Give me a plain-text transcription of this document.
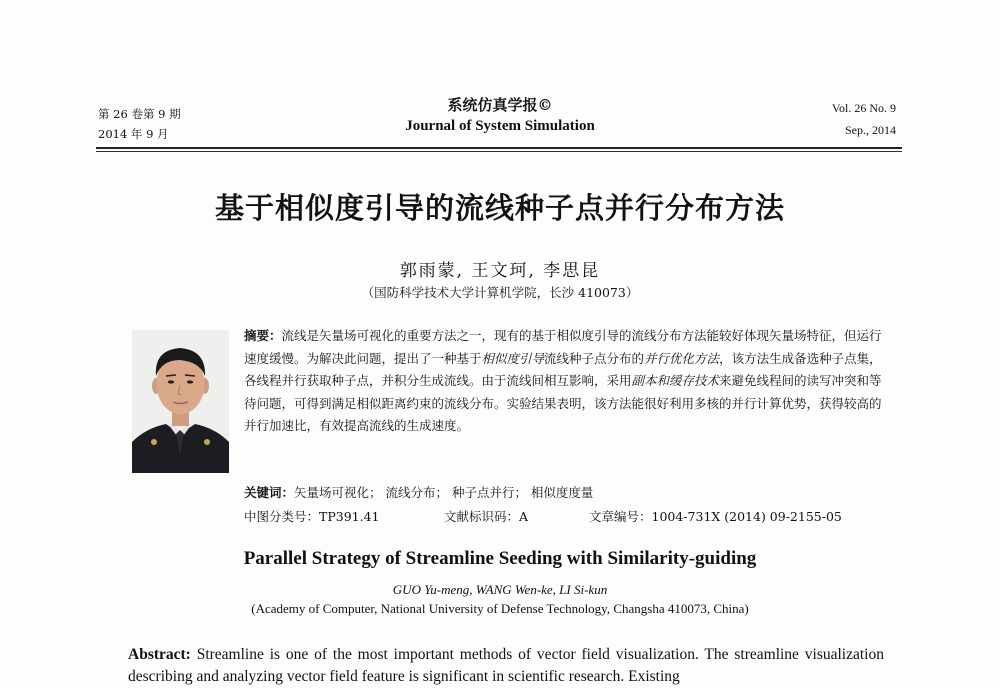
第 26 卷第 9 期
2014 年 9 月
系统仿真学报©
Journal of System Simulation
Vol. 26 No. 9
Sep., 2014
基于相似度引导的流线种子点并行分布方法
郭雨蒙, 王文珂, 李思昆
（国防科学技术大学计算机学院，长沙 410073）
摘要：流线是矢量场可视化的重要方法之一，现有的基于相似度引导的流线分布方法能较好体现矢量场特征，但运行速度缓慢。为解决此问题，提出了一种基于相似度引导流线种子点分布的并行优化方法，该方法生成备选种子点集，各线程并行获取种子点，并积分生成流线。由于流线间相互影响，采用副本和缓存技术来避免线程间的读写冲突和等待问题，可得到满足相似距离约束的流线分布。实验结果表明，该方法能很好利用多核的并行计算优势，获得较高的并行加速比，有效提高流线的生成速度。
关键词：矢量场可视化； 流线分布； 种子点并行； 相似度度量
中图分类号：TP391.41	文献标识码：A	文章编号：1004-731X (2014) 09-2155-05
Parallel Strategy of Streamline Seeding with Similarity-guiding
GUO Yu-meng, WANG Wen-ke, LI Si-kun
(Academy of Computer, National University of Defense Technology, Changsha 410073, China)
Abstract: Streamline is one of the most important methods of vector field visualization. The streamline visualization describing and analyzing vector field feature is significant in scientific research. Existing
